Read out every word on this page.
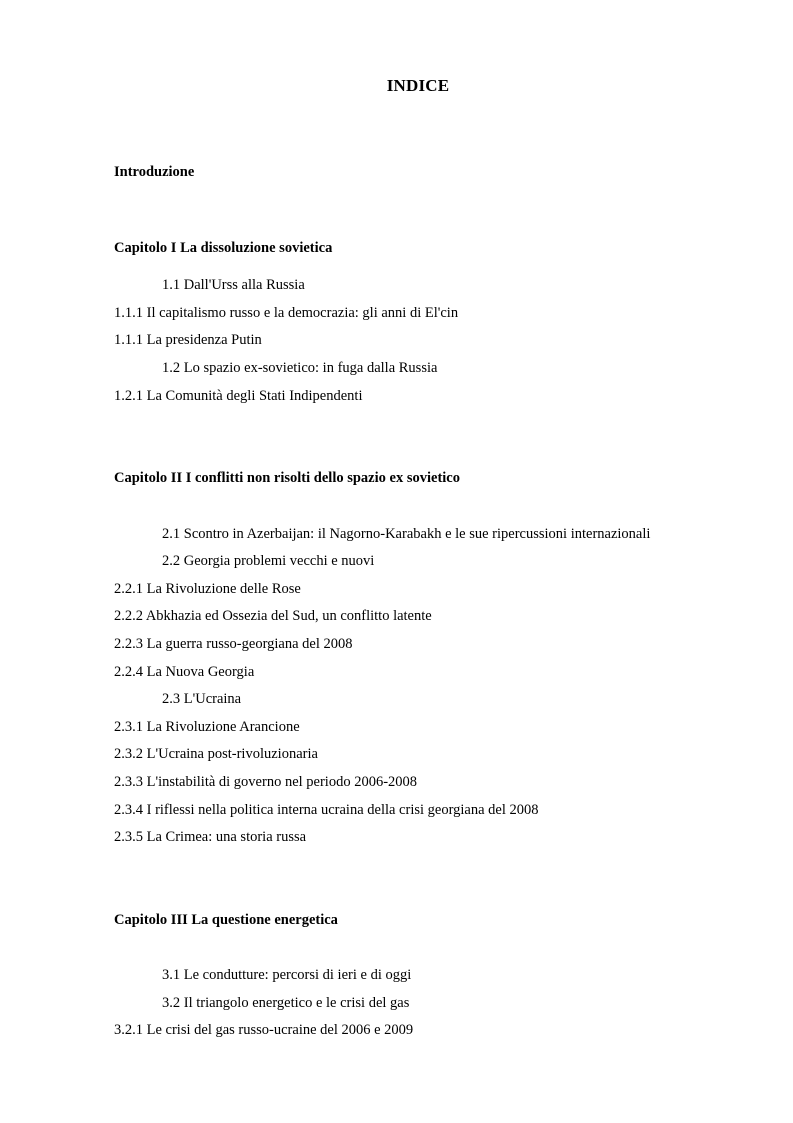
INDICE
Introduzione
Capitolo I La dissoluzione sovietica
1.1 Dall'Urss alla Russia
1.1.1 Il capitalismo russo e la democrazia: gli anni di El'cin
1.1.1 La presidenza Putin
1.2 Lo spazio ex-sovietico: in fuga dalla Russia
1.2.1 La Comunità degli Stati Indipendenti
Capitolo II I conflitti non risolti dello spazio ex sovietico
2.1 Scontro in Azerbaijan: il Nagorno-Karabakh e le sue ripercussioni internazionali
2.2 Georgia problemi vecchi e nuovi
2.2.1 La Rivoluzione delle Rose
2.2.2 Abkhazia ed Ossezia del Sud, un conflitto latente
2.2.3 La guerra russo-georgiana del 2008
2.2.4 La Nuova Georgia
2.3 L'Ucraina
2.3.1 La Rivoluzione Arancione
2.3.2 L'Ucraina post-rivoluzionaria
2.3.3 L'instabilità di governo nel periodo 2006-2008
2.3.4 I riflessi nella politica interna ucraina della crisi georgiana del 2008
2.3.5 La Crimea: una storia russa
Capitolo III La questione energetica
3.1 Le condutture: percorsi di ieri e di oggi
3.2 Il triangolo energetico e le crisi del gas
3.2.1 Le crisi del gas russo-ucraine del 2006 e 2009
